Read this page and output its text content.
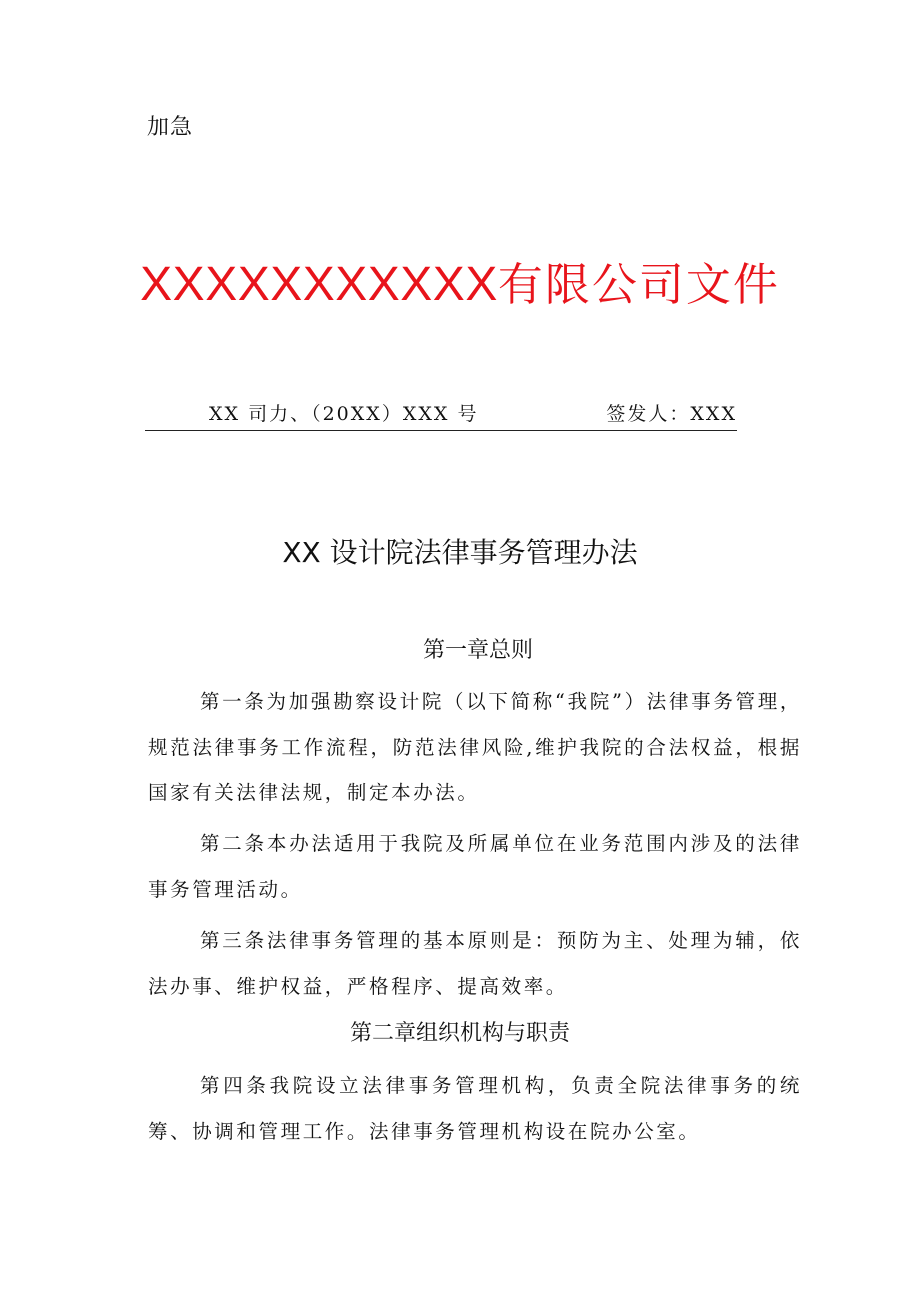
加急
XXXXXXXXXXX有限公司文件
XX 司力、（20XX）XXX 号	签发人：XXX
XX 设计院法律事务管理办法
第一章总则

第一条为加强勘察设计院（以下简称“我院”）法律事务管理，规范法律事务工作流程，防范法律风险,维护我院的合法权益，根据国家有关法律法规，制定本办法。

第二条本办法适用于我院及所属单位在业务范围内涉及的法律事务管理活动。

第三条法律事务管理的基本原则是：预防为主、处理为辅，依法办事、维护权益，严格程序、提高效率。

第二章组织机构与职责

第四条我院设立法律事务管理机构，负责全院法律事务的统筹、协调和管理工作。法律事务管理机构设在院办公室。
